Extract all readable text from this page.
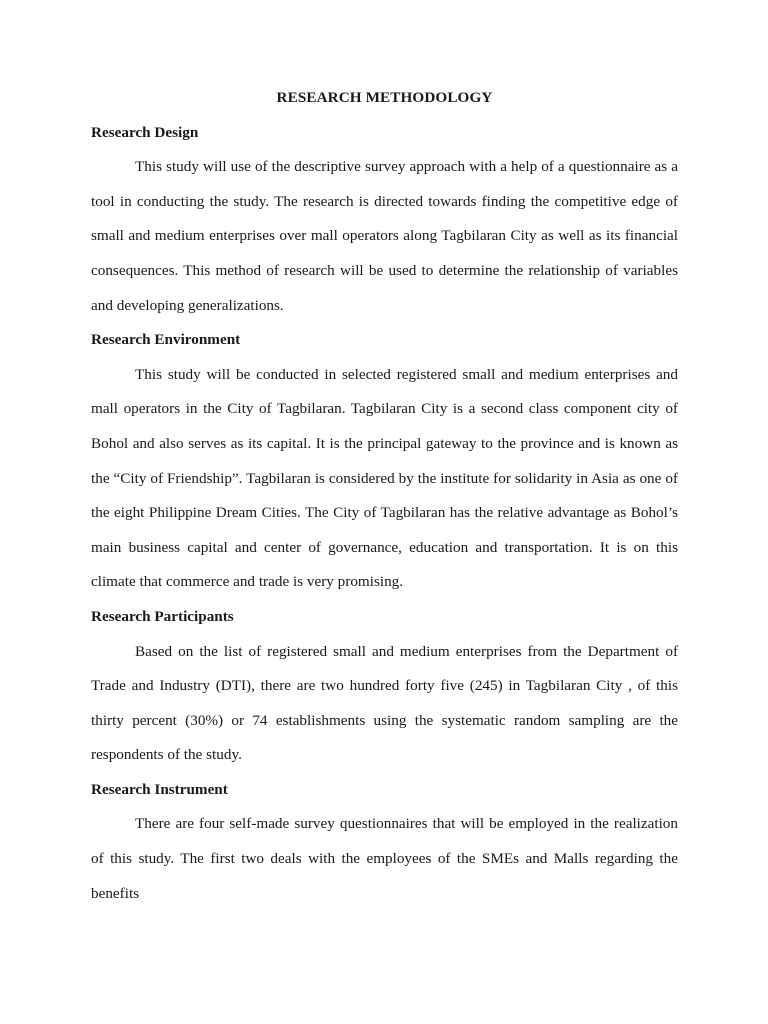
RESEARCH METHODOLOGY
Research Design

This study will use of the descriptive survey approach with a help of a questionnaire as a tool in conducting the study. The research is directed towards finding the competitive edge of small and medium enterprises over mall operators along Tagbilaran City as well as its financial consequences. This method of research will be used to determine the relationship of variables and developing generalizations.

Research Environment

This study will be conducted in selected registered small and medium enterprises and mall operators in the City of Tagbilaran. Tagbilaran City is a second class component city of Bohol and also serves as its capital. It is the principal gateway to the province and is known as the “City of Friendship”. Tagbilaran is considered by the institute for solidarity in Asia as one of the eight Philippine Dream Cities. The City of Tagbilaran has the relative advantage as Bohol’s main business capital and center of governance, education and transportation. It is on this climate that commerce and trade is very promising.

Research Participants

Based on the list of registered small and medium enterprises from the Department of Trade and Industry (DTI), there are two hundred forty five (245) in Tagbilaran City , of this thirty percent (30%) or 74 establishments using the systematic random sampling are the respondents of the study.

Research Instrument

There are four self-made survey questionnaires that will be employed in the realization of this study. The first two deals with the employees of the SMEs and Malls regarding the benefits
